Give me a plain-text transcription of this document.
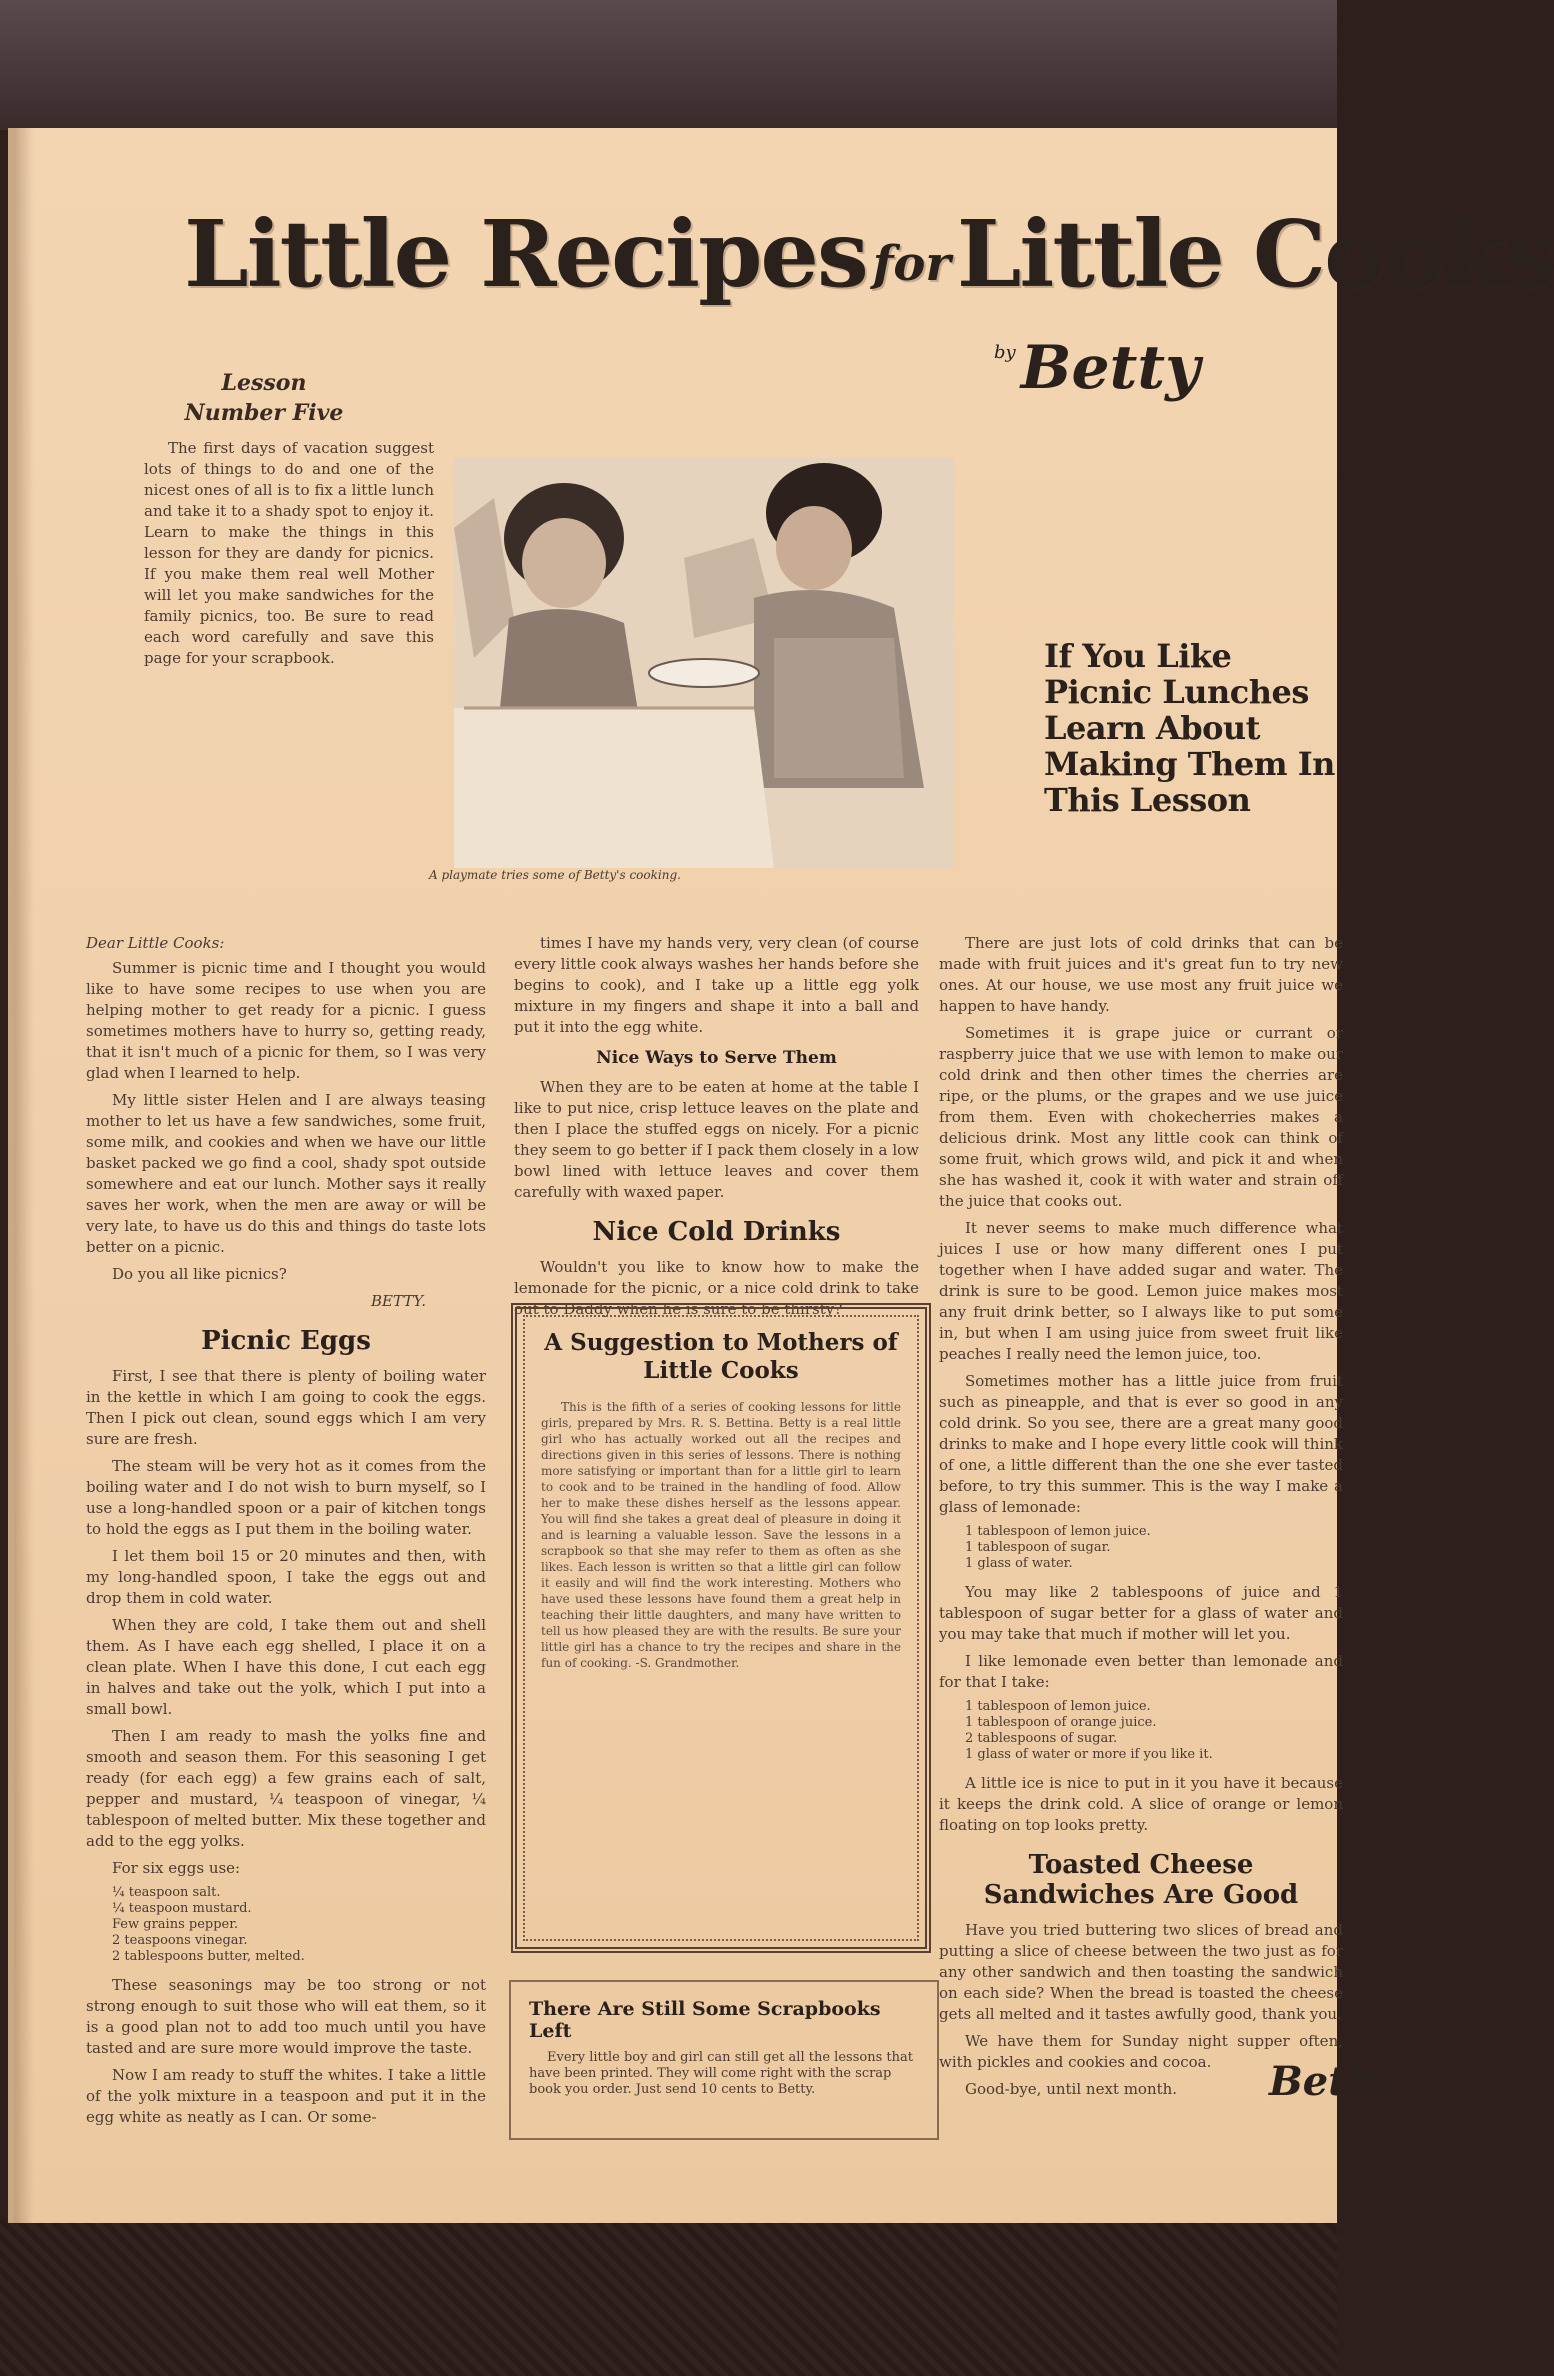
Little Recipes forLittle Cooks
by Betty
Lesson
Number Five

The first days of vacation suggest lots of things to do and one of the nicest ones of all is to fix a little lunch and take it to a shady spot to enjoy it. Learn to make the things in this lesson for they are dandy for picnics. If you make them real well Mother will let you make sandwiches for the family picnics, too. Be sure to read each word carefully and save this page for your scrapbook.

A playmate tries some of Betty's cooking.
If You Like Picnic Lunches Learn About Making Them In This Lesson

Dear Little Cooks:

Summer is picnic time and I thought you would like to have some recipes to use when you are helping mother to get ready for a picnic. I guess sometimes mothers have to hurry so, getting ready, that it isn't much of a picnic for them, so I was very glad when I learned to help.

My little sister Helen and I are always teasing mother to let us have a few sandwiches, some fruit, some milk, and cookies and when we have our little basket packed we go find a cool, shady spot outside somewhere and eat our lunch. Mother says it really saves her work, when the men are away or will be very late, to have us do this and things do taste lots better on a picnic.

Do you all like picnics?

BETTY.

Picnic Eggs

First, I see that there is plenty of boiling water in the kettle in which I am going to cook the eggs. Then I pick out clean, sound eggs which I am very sure are fresh.

The steam will be very hot as it comes from the boiling water and I do not wish to burn myself, so I use a long-handled spoon or a pair of kitchen tongs to hold the eggs as I put them in the boiling water.

I let them boil 15 or 20 minutes and then, with my long-handled spoon, I take the eggs out and drop them in cold water.

When they are cold, I take them out and shell them. As I have each egg shelled, I place it on a clean plate. When I have this done, I cut each egg in halves and take out the yolk, which I put into a small bowl.

Then I am ready to mash the yolks fine and smooth and season them. For this seasoning I get ready (for each egg) a few grains each of salt, pepper and mustard, ¼ teaspoon of vinegar, ¼ tablespoon of melted butter. Mix these together and add to the egg yolks.

For six eggs use:

¼ teaspoon salt.
¼ teaspoon mustard.
Few grains pepper.
2 teaspoons vinegar.
2 tablespoons butter, melted.

These seasonings may be too strong or not strong enough to suit those who will eat them, so it is a good plan not to add too much until you have tasted and are sure more would improve the taste.

Now I am ready to stuff the whites. I take a little of the yolk mixture in a teaspoon and put it in the egg white as neatly as I can. Or some-

times I have my hands very, very clean (of course every little cook always washes her hands before she begins to cook), and I take up a little egg yolk mixture in my fingers and shape it into a ball and put it into the egg white.

Nice Ways to Serve Them

When they are to be eaten at home at the table I like to put nice, crisp lettuce leaves on the plate and then I place the stuffed eggs on nicely. For a picnic they seem to go better if I pack them closely in a low bowl lined with lettuce leaves and cover them carefully with waxed paper.

Nice Cold Drinks

Wouldn't you like to know how to make the lemonade for the picnic, or a nice cold drink to take out to Daddy when he is sure to be thirsty?

A Suggestion to Mothers of Little Cooks

This is the fifth of a series of cooking lessons for little girls, prepared by Mrs. R. S. Bettina. Betty is a real little girl who has actually worked out all the recipes and directions given in this series of lessons. There is nothing more satisfying or important than for a little girl to learn to cook and to be trained in the handling of food. Allow her to make these dishes herself as the lessons appear. You will find she takes a great deal of pleasure in doing it and is learning a valuable lesson. Save the lessons in a scrapbook so that she may refer to them as often as she likes. Each lesson is written so that a little girl can follow it easily and will find the work interesting. Mothers who have used these lessons have found them a great help in teaching their little daughters, and many have written to tell us how pleased they are with the results. Be sure your little girl has a chance to try the recipes and share in the fun of cooking. -S. Grandmother.

There Are Still Some Scrapbooks Left

Every little boy and girl can still get all the lessons that have been printed. They will come right with the scrap book you order. Just send 10 cents to Betty.

There are just lots of cold drinks that can be made with fruit juices and it's great fun to try new ones. At our house, we use most any fruit juice we happen to have handy.

Sometimes it is grape juice or currant or raspberry juice that we use with lemon to make our cold drink and then other times the cherries are ripe, or the plums, or the grapes and we use juice from them. Even with chokecherries makes a delicious drink. Most any little cook can think of some fruit, which grows wild, and pick it and when she has washed it, cook it with water and strain off the juice that cooks out.

It never seems to make much difference what juices I use or how many different ones I put together when I have added sugar and water. The drink is sure to be good. Lemon juice makes most any fruit drink better, so I always like to put some in, but when I am using juice from sweet fruit like peaches I really need the lemon juice, too.

Sometimes mother has a little juice from fruit such as pineapple, and that is ever so good in any cold drink. So you see, there are a great many good drinks to make and I hope every little cook will think of one, a little different than the one she ever tasted before, to try this summer. This is the way I make a glass of lemonade:

1 tablespoon of lemon juice.
1 tablespoon of sugar.
1 glass of water.

You may like 2 tablespoons of juice and 1 tablespoon of sugar better for a glass of water and you may take that much if mother will let you.

I like lemonade even better than lemonade and for that I take:

1 tablespoon of lemon juice.
1 tablespoon of orange juice.
2 tablespoons of sugar.
1 glass of water or more if you like it.

A little ice is nice to put in it you have it because it keeps the drink cold. A slice of orange or lemon floating on top looks pretty.

Toasted Cheese Sandwiches Are Good

Have you tried buttering two slices of bread and putting a slice of cheese between the two just as for any other sandwich and then toasting the sandwich on each side? When the bread is toasted the cheese gets all melted and it tastes awfully good, thank you.

We have them for Sunday night supper often, with pickles and cookies and cocoa.

Good-bye, until next month.	Betty
